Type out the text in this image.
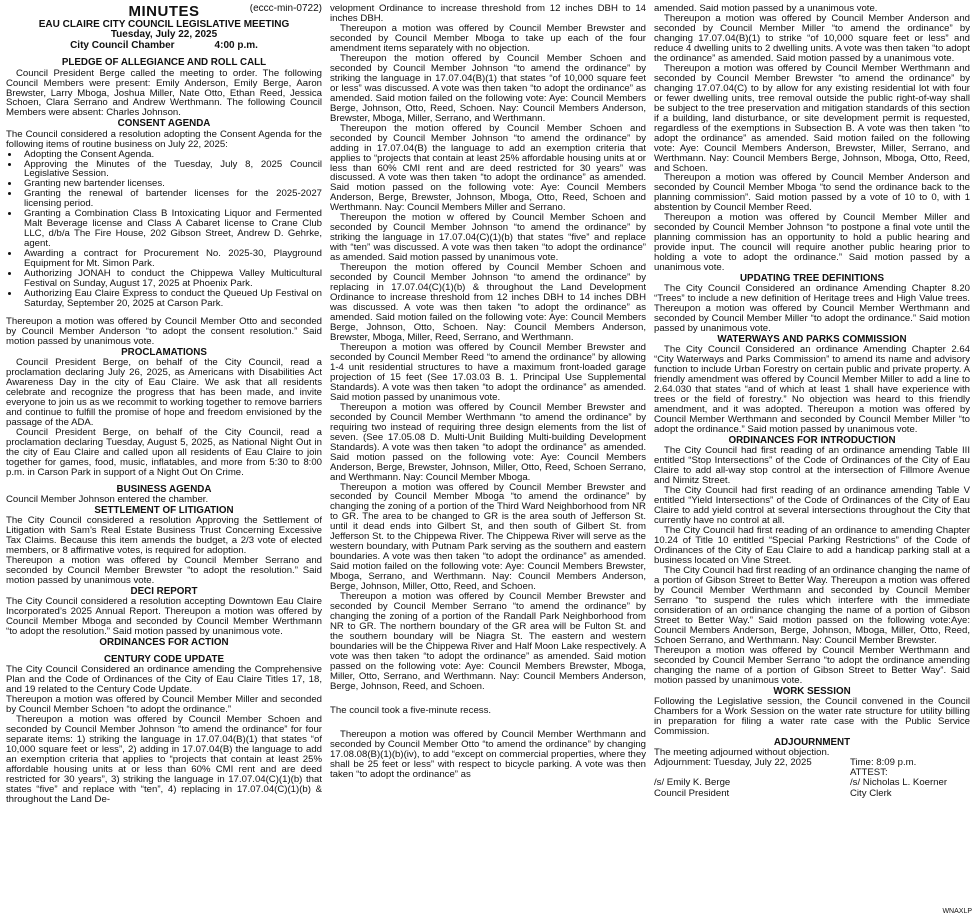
(eccc-min-0722)

MINUTES
EAU CLAIRE CITY COUNCIL LEGISLATIVE MEETING
Tuesday, July 22, 2025
City Council Chamber	4:00 p.m.
PLEDGE OF ALLEGIANCE AND ROLL CALL

Council President Berge called the meeting to order. The following Council Members were present: Emily Anderson, Emily Berge, Aaron Brewster, Larry Mboga, Joshua Miller, Nate Otto, Ethan Reed, Jessica Schoen, Clara Serrano and Andrew Werthmann. The following Council Members were absent: Charles Johnson.

CONSENT AGENDA

The Council considered a resolution adopting the Consent Agenda for the following items of routine business on July 22, 2025:

• Adopting the Consent Agenda.
• Approving the Minutes of the Tuesday, July 8, 2025 Council Legislative Session.
• Granting new bartender licenses.
• Granting the renewal of bartender licenses for the 2025-2027 licensing period.
• Granting a Combination Class B Intoxicating Liquor and Fermented Malt Beverage license and Class A Cabaret license to Crane Club LLC, d/b/a The Fire House, 202 Gibson Street, Andrew D. Gehrke, agent.
• Awarding a contract for Procurement No. 2025-30, Playground Equipment for Mt. Simon Park.
• Authorizing JONAH to conduct the Chippewa Valley Multicultural Festival on Sunday, August 17, 2025 at Phoenix Park.
• Authorizing Eau Claire Express to conduct the Queued Up Festival on Saturday, September 20, 2025 at Carson Park.

Thereupon a motion was offered by Council Member Otto and seconded by Council Member Anderson “to adopt the consent resolution.” Said motion passed by unanimous vote.

PROCLAMATIONS

Council President Berge, on behalf of the City Council, read a proclamation declaring July 26, 2025, as Americans with Disabilities Act Awareness Day in the city of Eau Claire. We ask that all residents celebrate and recognize the progress that has been made, and invite everyone to join us as we recommit to working together to remove barriers and continue to fulfill the promise of hope and freedom envisioned by the passage of the ADA.

Council President Berge, on behalf of the City Council, read a proclamation declaring Tuesday, August 5, 2025, as National Night Out in the city of Eau Claire and called upon all residents of Eau Claire to join together for games, food, music, inflatables, and more from 5:30 to 8:00 p.m. in Carson Park in support of a Night Out On Crime.

BUSINESS AGENDA

Council Member Johnson entered the chamber.

SETTLEMENT OF LITIGATION

The City Council considered a resolution Approving the Settlement of Litigation with Sam’s Real Estate Business Trust Concerning Excessive Tax Claims. Because this item amends the budget, a 2/3 vote of elected members, or 8 affirmative votes, is required for adoption.

Thereupon a motion was offered by Council Member Serrano and seconded by Council Member Brewster “to adopt the resolution.” Said motion passed by unanimous vote.

DECI REPORT

The City Council considered a resolution accepting Downtown Eau Claire Incorporated’s 2025 Annual Report. Thereupon a motion was offered by Council Member Mboga and seconded by Council Member Werthmann “to adopt the resolution.” Said motion passed by unanimous vote.

ORDINANCES FOR ACTION
CENTURY CODE UPDATE

The City Council Considered an ordinance amending the Comprehensive Plan and the Code of Ordinances of the City of Eau Claire Titles 17, 18, and 19 related to the Century Code Update.

Thereupon a motion was offered by Council Member Miller and seconded by Council Member Schoen “to adopt the ordinance.”

Thereupon a motion was offered by Council Member Schoen and seconded by Council Member Johnson “to amend the ordinance” for four separate items: 1) striking the language in 17.07.04(B)(1) that states “of 10,000 square feet or less”, 2) adding in 17.07.04(B) the language to add an exemption criteria that applies to “projects that contain at least 25% affordable housing units at or less than 60% CMI rent and are deed restricted for 30 years”, 3) striking the language in 17.07.04(C)(1)(b) that states “five” and replace with “ten”, 4) replacing in 17.07.04(C)(1)(b) & throughout the Land De-

velopment Ordinance to increase threshold from 12 inches DBH to 14 inches DBH.

Thereupon a motion was offered by Council Member Brewster and seconded by Council Member Mboga to take up each of the four amendment items separately with no objection.

Thereupon the motion offered by Council Member Schoen and seconded by Council Member Johnson “to amend the ordinance” by striking the language in 17.07.04(B)(1) that states “of 10,000 square feet or less” was discussed. A vote was then taken “to adopt the ordinance” as amended. Said motion failed on the following vote: Aye: Council Members Berge, Johnson, Otto, Reed, Schoen. Nay: Council Members Anderson, Brewster, Mboga, Miller, Serrano, and Werthmann.

Thereupon the motion offered by Council Member Schoen and seconded by Council Member Johnson “to amend the ordinance” by adding in 17.07.04(B) the language to add an exemption criteria that applies to “projects that contain at least 25% affordable housing units at or less than 60% CMI rent and are deed restricted for 30 years” was discussed. A vote was then taken “to adopt the ordinance” as amended. Said motion passed on the following vote: Aye: Council Members Anderson, Berge, Brewster, Johnson, Mboga, Otto, Reed, Schoen and Werthmann. Nay: Council Members Miller and Serrano.

Thereupon the motion w offered by Council Member Schoen and seconded by Council Member Johnson “to amend the ordinance” by striking the language in 17.07.04(C)(1)(b) that states “five” and replace with “ten” was discussed. A vote was then taken “to adopt the ordinance” as amended. Said motion passed by unanimous vote.

Thereupon the motion offered by Council Member Schoen and seconded by Council Member Johnson “to amend the ordinance” by replacing in 17.07.04(C)(1)(b) & throughout the Land Development Ordinance to increase threshold from 12 inches DBH to 14 inches DBH was discussed. A vote was then taken “to adopt the ordinance” as amended. Said motion failed on the following vote: Aye: Council Members Berge, Johnson, Otto, Schoen. Nay: Council Members Anderson, Brewster, Mboga, Miller, Reed, Serrano, and Werthmann.

Thereupon a motion was offered by Council Member Brewster and seconded by Council Member Reed “to amend the ordinance” by allowing 1-4 unit residential structures to have a maximum front-loaded garage projection of 15 feet (See 17.03.03 B. 1. Principal Use Supplemental Standards). A vote was then taken “to adopt the ordinance” as amended. Said motion passed by unanimous vote.

Thereupon a motion was offered by Council Member Brewster and seconded by Council Member Werthmann “to amend the ordinance” by requiring two instead of requiring three design elements from the list of seven. (See 17.05.08 D. Multi-Unit Building Multi-building Development Standards). A vote was then taken “to adopt the ordinance” as amended. Said motion passed on the following vote: Aye: Council Members Anderson, Berge, Brewster, Johnson, Miller, Otto, Reed, Schoen Serrano, and Werthmann. Nay: Council Member Mboga.

Thereupon a motion was offered by Council Member Brewster and seconded by Council Member Mboga “to amend the ordinance” by changing the zoning of a portion of the Third Ward Neighborhood from NR to GR. The area to be changed to GR is the area south of Jefferson St. until it dead ends into Gilbert St, and then south of Gilbert St. from Jefferson St. to the Chippewa River. The Chippewa River will serve as the western boundary, with Putnam Park serving as the southern and eastern boundaries. A vote was then taken “to adopt the ordinance” as amended. Said motion failed on the following vote: Aye: Council Members Brewster, Mboga, Serrano, and Werthmann. Nay: Council Members Anderson, Berge, Johnson, Miller, Otto, Reed, and Schoen.

Thereupon a motion was offered by Council Member Brewster and seconded by Council Member Serrano “to amend the ordinance” by changing the zoning of a portion of the Randall Park Neighborhood from NR to GR. The northern boundary of the GR area will be Fulton St. and the southern boundary will be Niagra St. The eastern and western boundaries will be the Chippewa River and Half Moon Lake respectively. A vote was then taken “to adopt the ordinance” as amended. Said motion passed on the following vote: Aye: Council Members Brewster, Mboga, Miller, Otto, Serrano, and Werthmann. Nay: Council Members Anderson, Berge, Johnson, Reed, and Schoen.

The council took a five-minute recess.

Thereupon a motion was offered by Council Member Werthmann and seconded by Council Member Otto “to amend the ordinance” by changing 17.08.08(B)(1)(b)(iv), to add “except on commercial properties, where they shall be 25 feet or less” with respect to bicycle parking. A vote was then taken “to adopt the ordinance” as

amended. Said motion passed by a unanimous vote.

Thereupon a motion was offered by Council Member Anderson and seconded by Council Member Miller “to amend the ordinance” by changing 17.07.04(B)(1) to strike “of 10,000 square feet or less” and reduce 4 dwelling units to 2 dwelling units. A vote was then taken “to adopt the ordinance” as amended. Said motion passed by a unanimous vote.

Thereupon a motion was offered by Council Member Werthmann and seconded by Council Member Brewster “to amend the ordinance” by changing 17.07.04(C) to by allow for any existing residential lot with four or fewer dwelling units, tree removal outside the public right-of-way shall be subject to the tree preservation and mitigation standards of this section if a building, land disturbance, or site development permit is requested, regardless of the exemptions in Subsection B. A vote was then taken “to adopt the ordinance” as amended. Said motion failed on the following vote: Aye: Council Members Anderson, Brewster, Miller, Serrano, and Werthmann. Nay: Council Members Berge, Johnson, Mboga, Otto, Reed, and Schoen.

Thereupon a motion was offered by Council Member Anderson and seconded by Council Member Mboga “to send the ordinance back to the planning commission”. Said motion passed by a vote of 10 to 0, with 1 abstention by Council Member Reed.

Thereupon a motion was offered by Council Member Miller and seconded by Council Member Johnson “to postpone a final vote until the planning commission has an opportunity to hold a public hearing and provide input. The council will require another public hearing prior to holding a vote to adopt the ordinance.” Said motion passed by a unanimous vote.

UPDATING TREE DEFINITIONS

The City Council Considered an ordinance Amending Chapter 8.20 “Trees” to include a new definition of Heritage trees and High Value trees. Thereupon a motion was offered by Council Member Werthmann and seconded by Council Member Miller “to adopt the ordinance.” Said motion passed by unanimous vote.

WATERWAYS AND PARKS COMMISSION

The City Council Considered an ordinance Amending Chapter 2.64 “City Waterways and Parks Commission” to amend its name and advisory function to include Urban Forestry on certain public and private property. A friendly amendment was offered by Council Member Miller to add a line to 2.64.030 that states “and of which at least 1 shall have experience with trees or the field of forestry.” No objection was heard to this friendly amendment, and it was adopted. Thereupon a motion was offered by Council Member Werthmann and seconded by Council Member Miller “to adopt the ordinance.” Said motion passed by unanimous vote.

ORDINANCES FOR INTRODUCTION

The City Council had first reading of an ordinance amending Table III entitled “Stop Intersections” of the Code of Ordinances of the City of Eau Claire to add all-way stop control at the intersection of Fillmore Avenue and Nimitz Street.

The City Council had first reading of an ordinance amending Table V entitled “Yield Intersections” of the Code of Ordinances of the City of Eau Claire to add yield control at several intersections throughout the City that currently have no control at all.

The City Council had first reading of an ordinance to amending Chapter 10.24 of Title 10 entitled “Special Parking Restrictions” of the Code of Ordinances of the City of Eau Claire to add a handicap parking stall at a business located on Vine Street.

The City Council had first reading of an ordinance changing the name of a portion of Gibson Street to Better Way. Thereupon a motion was offered by Council Member Werthmann and seconded by Council Member Serrano “to suspend the rules which interfere with the immediate consideration of an ordinance changing the name of a portion of Gibson Street to Better Way.” Said motion passed on the following vote:Aye: Council Members Anderson, Berge, Johnson, Mboga, Miller, Otto, Reed, Schoen Serrano, and Werthmann. Nay: Council Member Brewster.

Thereupon a motion was offered by Council Member Werthmann and seconded by Council Member Serrano “to adopt the ordinance amending changing the name of a portion of Gibson Street to Better Way”. Said motion passed by unanimous vote.

WORK SESSION

Following the Legislative session, the Council convened in the Council Chambers for a Work Session on the water rate structure for utility billing in preparation for filing a water rate case with the Public Service Commission.

ADJOURNMENT

The meeting adjourned without objection.

Adjournment: Tuesday, July 22, 2025	Time: 8:09 p.m.
ATTEST:
/s/ Emily K. Berge	/s/ Nicholas L. Koerner
Council President	City Clerk
WNAXLP
